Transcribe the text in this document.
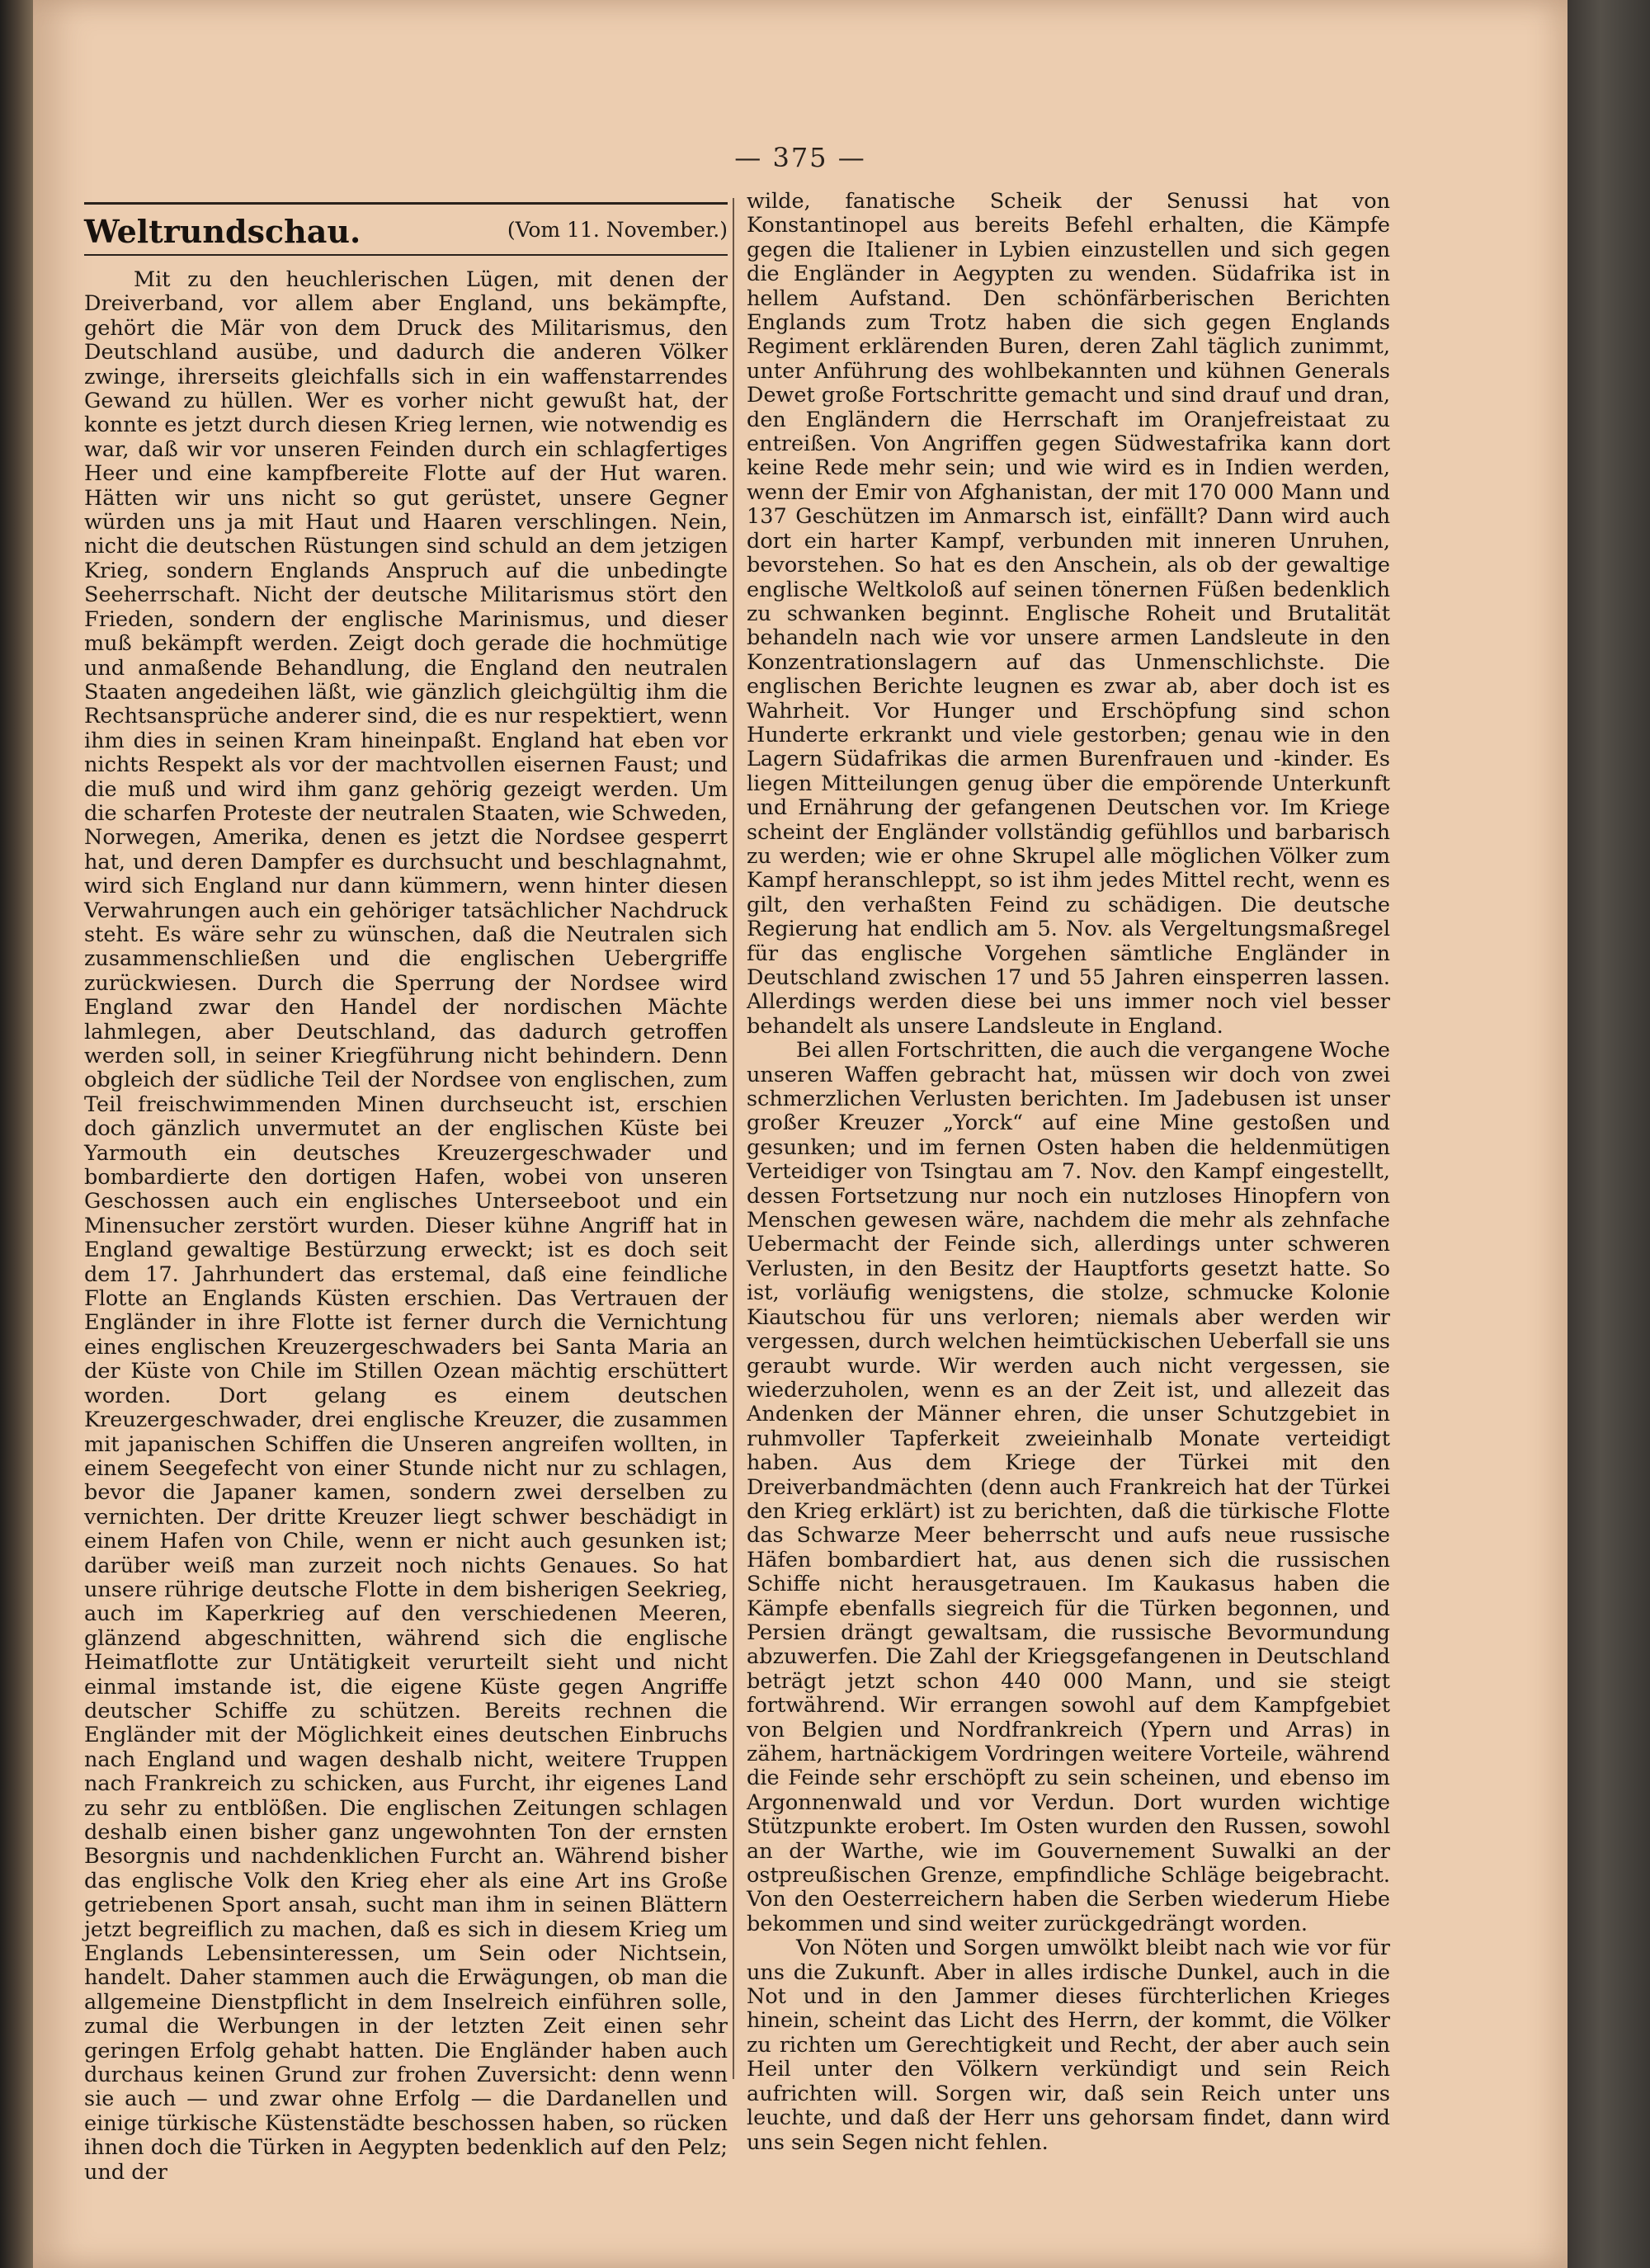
— 375 —
Weltrundschau.	(Vom 11. November.)

Mit zu den heuchlerischen Lügen, mit denen der Dreiverband, vor allem aber England, uns bekämpfte, gehört die Mär von dem Druck des Militarismus, den Deutschland ausübe, und dadurch die anderen Völker zwinge, ihrerseits gleichfalls sich in ein waffenstarrendes Gewand zu hüllen. Wer es vorher nicht gewußt hat, der konnte es jetzt durch diesen Krieg lernen, wie notwendig es war, daß wir vor unseren Feinden durch ein schlagfertiges Heer und eine kampfbereite Flotte auf der Hut waren. Hätten wir uns nicht so gut gerüstet, unsere Gegner würden uns ja mit Haut und Haaren verschlingen. Nein, nicht die deutschen Rüstungen sind schuld an dem jetzigen Krieg, sondern Englands Anspruch auf die unbedingte Seeherrschaft. Nicht der deutsche Militarismus stört den Frieden, sondern der englische Marinismus, und dieser muß bekämpft werden. Zeigt doch gerade die hochmütige und anmaßende Behandlung, die England den neutralen Staaten angedeihen läßt, wie gänzlich gleichgültig ihm die Rechtsansprüche anderer sind, die es nur respektiert, wenn ihm dies in seinen Kram hineinpaßt. England hat eben vor nichts Respekt als vor der machtvollen eisernen Faust; und die muß und wird ihm ganz gehörig gezeigt werden. Um die scharfen Proteste der neutralen Staaten, wie Schweden, Norwegen, Amerika, denen es jetzt die Nordsee gesperrt hat, und deren Dampfer es durchsucht und beschlagnahmt, wird sich England nur dann kümmern, wenn hinter diesen Verwahrungen auch ein gehöriger tatsächlicher Nachdruck steht. Es wäre sehr zu wünschen, daß die Neutralen sich zusammenschließen und die englischen Uebergriffe zurückwiesen. Durch die Sperrung der Nordsee wird England zwar den Handel der nordischen Mächte lahmlegen, aber Deutschland, das dadurch getroffen werden soll, in seiner Kriegführung nicht behindern. Denn obgleich der südliche Teil der Nordsee von englischen, zum Teil freischwimmenden Minen durchseucht ist, erschien doch gänzlich unvermutet an der englischen Küste bei Yarmouth ein deutsches Kreuzergeschwader und bombardierte den dortigen Hafen, wobei von unseren Geschossen auch ein englisches Unterseeboot und ein Minensucher zerstört wurden. Dieser kühne Angriff hat in England gewaltige Bestürzung erweckt; ist es doch seit dem 17. Jahrhundert das erstemal, daß eine feindliche Flotte an Englands Küsten erschien. Das Vertrauen der Engländer in ihre Flotte ist ferner durch die Vernichtung eines englischen Kreuzergeschwaders bei Santa Maria an der Küste von Chile im Stillen Ozean mächtig erschüttert worden. Dort gelang es einem deutschen Kreuzergeschwader, drei englische Kreuzer, die zusammen mit japanischen Schiffen die Unseren angreifen wollten, in einem Seegefecht von einer Stunde nicht nur zu schlagen, bevor die Japaner kamen, sondern zwei derselben zu vernichten. Der dritte Kreuzer liegt schwer beschädigt in einem Hafen von Chile, wenn er nicht auch gesunken ist; darüber weiß man zurzeit noch nichts Genaues. So hat unsere rührige deutsche Flotte in dem bisherigen Seekrieg, auch im Kaperkrieg auf den verschiedenen Meeren, glänzend abgeschnitten, während sich die englische Heimatflotte zur Untätigkeit verurteilt sieht und nicht einmal imstande ist, die eigene Küste gegen Angriffe deutscher Schiffe zu schützen. Bereits rechnen die Engländer mit der Möglichkeit eines deutschen Einbruchs nach England und wagen deshalb nicht, weitere Truppen nach Frankreich zu schicken, aus Furcht, ihr eigenes Land zu sehr zu entblößen. Die englischen Zeitungen schlagen deshalb einen bisher ganz ungewohnten Ton der ernsten Besorgnis und nachdenklichen Furcht an. Während bisher das englische Volk den Krieg eher als eine Art ins Große getriebenen Sport ansah, sucht man ihm in seinen Blättern jetzt begreiflich zu machen, daß es sich in diesem Krieg um Englands Lebensinteressen, um Sein oder Nichtsein, handelt. Daher stammen auch die Erwägungen, ob man die allgemeine Dienstpflicht in dem Inselreich einführen solle, zumal die Werbungen in der letzten Zeit einen sehr geringen Erfolg gehabt hatten. Die Engländer haben auch durchaus keinen Grund zur frohen Zuversicht: denn wenn sie auch — und zwar ohne Erfolg — die Dardanellen und einige türkische Küstenstädte beschossen haben, so rücken ihnen doch die Türken in Aegypten bedenklich auf den Pelz; und der

wilde, fanatische Scheik der Senussi hat von Konstantinopel aus bereits Befehl erhalten, die Kämpfe gegen die Italiener in Lybien einzustellen und sich gegen die Engländer in Aegypten zu wenden. Südafrika ist in hellem Aufstand. Den schönfärberischen Berichten Englands zum Trotz haben die sich gegen Englands Regiment erklärenden Buren, deren Zahl täglich zunimmt, unter Anführung des wohlbekannten und kühnen Generals Dewet große Fortschritte gemacht und sind drauf und dran, den Engländern die Herrschaft im Oranjefreistaat zu entreißen. Von Angriffen gegen Südwestafrika kann dort keine Rede mehr sein; und wie wird es in Indien werden, wenn der Emir von Afghanistan, der mit 170 000 Mann und 137 Geschützen im Anmarsch ist, einfällt? Dann wird auch dort ein harter Kampf, verbunden mit inneren Unruhen, bevorstehen. So hat es den Anschein, als ob der gewaltige englische Weltkoloß auf seinen tönernen Füßen bedenklich zu schwanken beginnt. Englische Roheit und Brutalität behandeln nach wie vor unsere armen Landsleute in den Konzentrationslagern auf das Unmenschlichste. Die englischen Berichte leugnen es zwar ab, aber doch ist es Wahrheit. Vor Hunger und Erschöpfung sind schon Hunderte erkrankt und viele gestorben; genau wie in den Lagern Südafrikas die armen Burenfrauen und -kinder. Es liegen Mitteilungen genug über die empörende Unterkunft und Ernährung der gefangenen Deutschen vor. Im Kriege scheint der Engländer vollständig gefühllos und barbarisch zu werden; wie er ohne Skrupel alle möglichen Völker zum Kampf heranschleppt, so ist ihm jedes Mittel recht, wenn es gilt, den verhaßten Feind zu schädigen. Die deutsche Regierung hat endlich am 5. Nov. als Vergeltungsmaßregel für das englische Vorgehen sämtliche Engländer in Deutschland zwischen 17 und 55 Jahren einsperren lassen. Allerdings werden diese bei uns immer noch viel besser behandelt als unsere Landsleute in England.

Bei allen Fortschritten, die auch die vergangene Woche unseren Waffen gebracht hat, müssen wir doch von zwei schmerzlichen Verlusten berichten. Im Jadebusen ist unser großer Kreuzer „Yorck“ auf eine Mine gestoßen und gesunken; und im fernen Osten haben die heldenmütigen Verteidiger von Tsingtau am 7. Nov. den Kampf eingestellt, dessen Fortsetzung nur noch ein nutzloses Hinopfern von Menschen gewesen wäre, nachdem die mehr als zehnfache Uebermacht der Feinde sich, allerdings unter schweren Verlusten, in den Besitz der Hauptforts gesetzt hatte. So ist, vorläufig wenigstens, die stolze, schmucke Kolonie Kiautschou für uns verloren; niemals aber werden wir vergessen, durch welchen heimtückischen Ueberfall sie uns geraubt wurde. Wir werden auch nicht vergessen, sie wiederzuholen, wenn es an der Zeit ist, und allezeit das Andenken der Männer ehren, die unser Schutzgebiet in ruhmvoller Tapferkeit zweieinhalb Monate verteidigt haben. Aus dem Kriege der Türkei mit den Dreiverbandmächten (denn auch Frankreich hat der Türkei den Krieg erklärt) ist zu berichten, daß die türkische Flotte das Schwarze Meer beherrscht und aufs neue russische Häfen bombardiert hat, aus denen sich die russischen Schiffe nicht herausgetrauen. Im Kaukasus haben die Kämpfe ebenfalls siegreich für die Türken begonnen, und Persien drängt gewaltsam, die russische Bevormundung abzuwerfen. Die Zahl der Kriegsgefangenen in Deutschland beträgt jetzt schon 440 000 Mann, und sie steigt fortwährend. Wir errangen sowohl auf dem Kampfgebiet von Belgien und Nordfrankreich (Ypern und Arras) in zähem, hartnäckigem Vordringen weitere Vorteile, während die Feinde sehr erschöpft zu sein scheinen, und ebenso im Argonnenwald und vor Verdun. Dort wurden wichtige Stützpunkte erobert. Im Osten wurden den Russen, sowohl an der Warthe, wie im Gouvernement Suwalki an der ostpreußischen Grenze, empfindliche Schläge beigebracht. Von den Oesterreichern haben die Serben wiederum Hiebe bekommen und sind weiter zurückgedrängt worden.

Von Nöten und Sorgen umwölkt bleibt nach wie vor für uns die Zukunft. Aber in alles irdische Dunkel, auch in die Not und in den Jammer dieses fürchterlichen Krieges hinein, scheint das Licht des Herrn, der kommt, die Völker zu richten um Gerechtigkeit und Recht, der aber auch sein Heil unter den Völkern verkündigt und sein Reich aufrichten will. Sorgen wir, daß sein Reich unter uns leuchte, und daß der Herr uns gehorsam findet, dann wird uns sein Segen nicht fehlen.
